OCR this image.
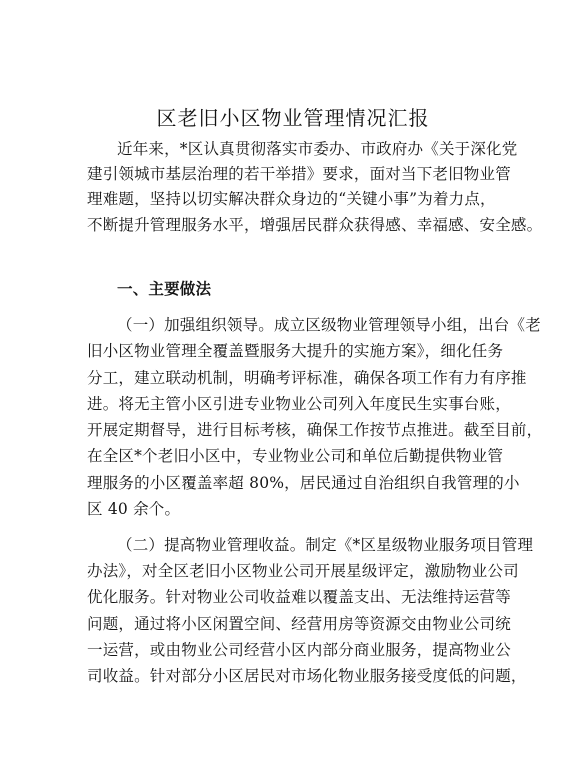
区老旧小区物业管理情况汇报
近年来，*区认真贯彻落实市委办、市政府办《关于深化党
建引领城市基层治理的若干举措》要求，面对当下老旧物业管
理难题，坚持以切实解决群众身边的“关键小事”为着力点，
不断提升管理服务水平，增强居民群众获得感、幸福感、安全感。
一、主要做法
（一）加强组织领导。成立区级物业管理领导小组，出台《老
旧小区物业管理全覆盖暨服务大提升的实施方案》，细化任务
分工，建立联动机制，明确考评标准，确保各项工作有力有序推
进。将无主管小区引进专业物业公司列入年度民生实事台账，
开展定期督导，进行目标考核，确保工作按节点推进。截至目前，
在全区*个老旧小区中，专业物业公司和单位后勤提供物业管
理服务的小区覆盖率超 80%，居民通过自治组织自我管理的小
区 40 余个。
（二）提高物业管理收益。制定《*区星级物业服务项目管理
办法》，对全区老旧小区物业公司开展星级评定，激励物业公司
优化服务。针对物业公司收益难以覆盖支出、无法维持运营等
问题，通过将小区闲置空间、经营用房等资源交由物业公司统
一运营，或由物业公司经营小区内部分商业服务，提高物业公
司收益。针对部分小区居民对市场化物业服务接受度低的问题，
